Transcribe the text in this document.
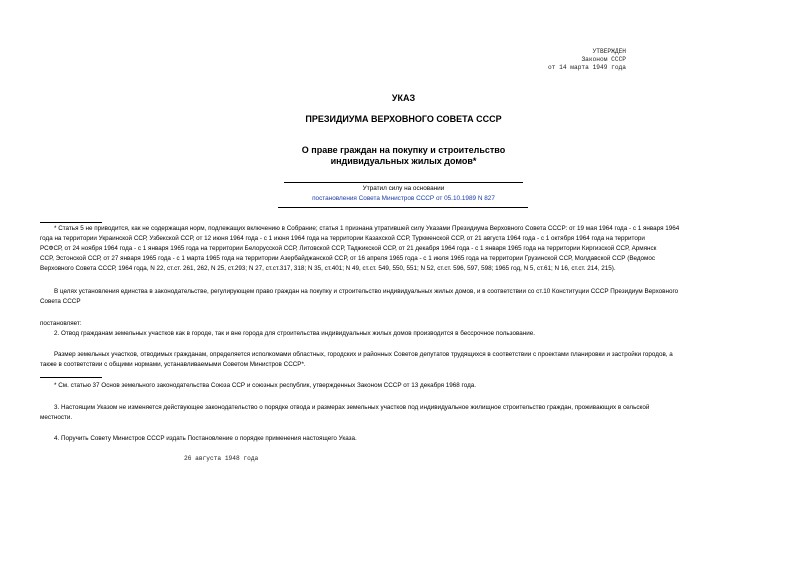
УТВЕРЖДЕН
Законом СССР
от 14 марта 1949 года
УКАЗ
ПРЕЗИДИУМА ВЕРХОВНОГО СОВЕТА СССР
О праве граждан на покупку и строительство
индивидуальных жилых домов*
Утратил силу на основании
постановления Совета Министров СССР от 05.10.1989 N 827
* Статья 5 не приводится, как не содержащая норм, подлежащих включению в Собрание; статья 1 признана утратившей силу Указами Президиума Верховного Совета СССР: от 19 мая 1964 года - с 1 января 1964
года на территории Украинской ССР, Узбекской ССР, от 12 июня 1964 года - с 1 июня 1964 года на территории Казахской ССР, Туркменской ССР, от 21 августа 1964 года - с 1 октября 1964 года на территори
РСФСР, от 24 ноября 1964 года - с 1 января 1965 года на территории Белорусской ССР, Литовской ССР, Таджикской ССР, от 21 декабря 1964 года - с 1 января 1965 года на территории Киргизской ССР, Армянск
ССР, Эстонской ССР, от 27 января 1965 года - с 1 марта 1965 года на территории Азербайджанской ССР, от 16 апреля 1965 года - с 1 июля 1965 года на территории Грузинской ССР, Молдавской ССР (Ведомос
Верховного Совета СССР, 1964 года, N 22, ст.ст. 261, 262, N 25, ст.293; N 27, ст.ст.317, 318; N 35, ст.401; N 49, ст.ст. 549, 550, 551; N 52, ст.ст. 596, 597, 598; 1965 год, N 5, ст.61; N 16, ст.ст. 214, 215).
В целях установления единства в законодательстве, регулирующем право граждан на покупку и строительство индивидуальных жилых домов, и в соответствии со ст.10 Конституции СССР Президиум Верховного
Совета СССР
постановляет:
2. Отвод гражданам земельных участков как в городе, так и вне города для строительства индивидуальных жилых домов производится в бессрочное пользование.
Размер земельных участков, отводимых гражданам, определяется исполкомами областных, городских и районных Советов депутатов трудящихся в соответствии с проектами планировки и застройки городов, а
также в соответствии с общими нормами, устанавливаемыми Советом Министров СССР*.
* См. статью 37 Основ земельного законодательства Союза ССР и союзных республик, утвержденных Законом СССР от 13 декабря 1968 года.
3. Настоящим Указом не изменяется действующее законодательство о порядке отвода и размерах земельных участков под индивидуальное жилищное строительство граждан, проживающих в сельской
местности.
4. Поручить Совету Министров СССР издать Постановление о порядке применения настоящего Указа.
26 августа 1948 года
